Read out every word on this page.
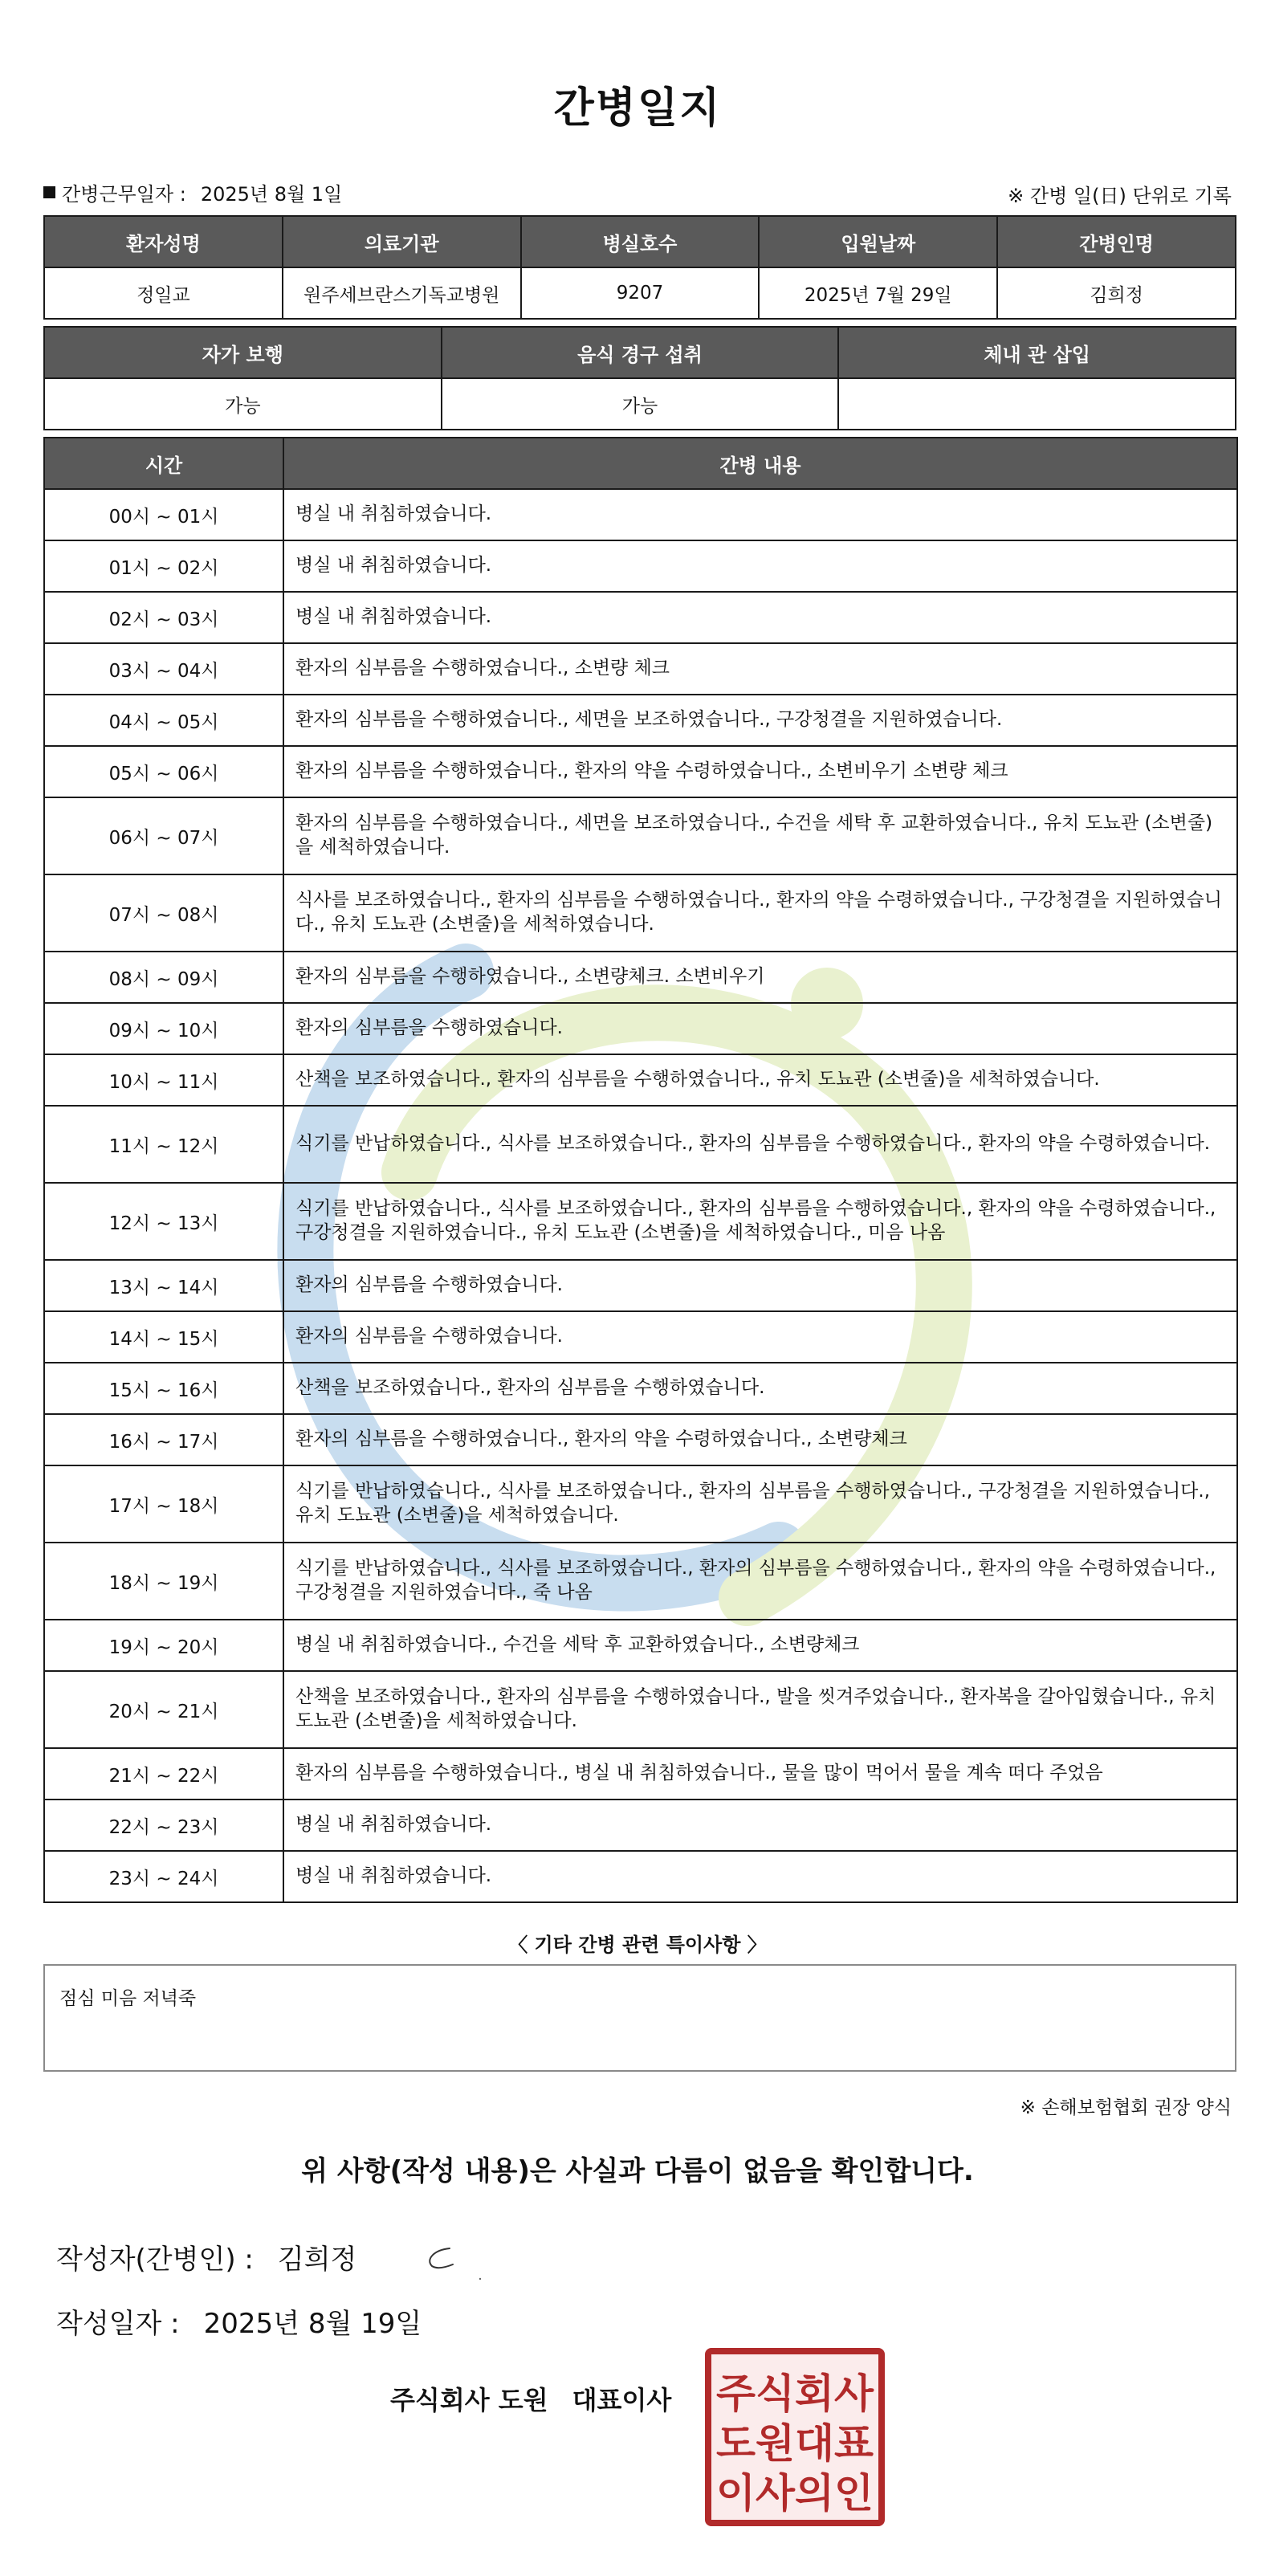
간병일지
간병근무일자 : 2025년 8월 1일	※ 간병 일(日) 단위로 기록
환자성명	의료기관	병실호수	입원날짜	간병인명
정일교	원주세브란스기독교병원	9207	2025년 7월 29일	김희정
자가 보행	음식 경구 섭취	체내 관 삽입
가능	가능	
시간	간병 내용
00시 ~ 01시	병실 내 취침하였습니다.
01시 ~ 02시	병실 내 취침하였습니다.
02시 ~ 03시	병실 내 취침하였습니다.
03시 ~ 04시	환자의 심부름을 수행하였습니다., 소변량 체크
04시 ~ 05시	환자의 심부름을 수행하였습니다., 세면을 보조하였습니다., 구강청결을 지원하였습니다.
05시 ~ 06시	환자의 심부름을 수행하였습니다., 환자의 약을 수령하였습니다., 소변비우기 소변량 체크
06시 ~ 07시	환자의 심부름을 수행하였습니다., 세면을 보조하였습니다., 수건을 세탁 후 교환하였습니다., 유치 도뇨관 (소변줄)을 세척하였습니다.
07시 ~ 08시	식사를 보조하였습니다., 환자의 심부름을 수행하였습니다., 환자의 약을 수령하였습니다., 구강청결을 지원하였습니다., 유치 도뇨관 (소변줄)을 세척하였습니다.
08시 ~ 09시	환자의 심부름을 수행하였습니다., 소변량체크. 소변비우기
09시 ~ 10시	환자의 심부름을 수행하였습니다.
10시 ~ 11시	산책을 보조하였습니다., 환자의 심부름을 수행하였습니다., 유치 도뇨관 (소변줄)을 세척하였습니다.
11시 ~ 12시	식기를 반납하였습니다., 식사를 보조하였습니다., 환자의 심부름을 수행하였습니다., 환자의 약을 수령하였습니다.
12시 ~ 13시	식기를 반납하였습니다., 식사를 보조하였습니다., 환자의 심부름을 수행하였습니다., 환자의 약을 수령하였습니다., 구강청결을 지원하였습니다., 유치 도뇨관 (소변줄)을 세척하였습니다., 미음 나옴
13시 ~ 14시	환자의 심부름을 수행하였습니다.
14시 ~ 15시	환자의 심부름을 수행하였습니다.
15시 ~ 16시	산책을 보조하였습니다., 환자의 심부름을 수행하였습니다.
16시 ~ 17시	환자의 심부름을 수행하였습니다., 환자의 약을 수령하였습니다., 소변량체크
17시 ~ 18시	식기를 반납하였습니다., 식사를 보조하였습니다., 환자의 심부름을 수행하였습니다., 구강청결을 지원하였습니다., 유치 도뇨관 (소변줄)을 세척하였습니다.
18시 ~ 19시	식기를 반납하였습니다., 식사를 보조하였습니다., 환자의 심부름을 수행하였습니다., 환자의 약을 수령하였습니다., 구강청결을 지원하였습니다., 죽 나옴
19시 ~ 20시	병실 내 취침하였습니다., 수건을 세탁 후 교환하였습니다., 소변량체크
20시 ~ 21시	산책을 보조하였습니다., 환자의 심부름을 수행하였습니다., 발을 씻겨주었습니다., 환자복을 갈아입혔습니다., 유치 도뇨관 (소변줄)을 세척하였습니다.
21시 ~ 22시	환자의 심부름을 수행하였습니다., 병실 내 취침하였습니다., 물을 많이 먹어서 물을 계속 떠다 주었음
22시 ~ 23시	병실 내 취침하였습니다.
23시 ~ 24시	병실 내 취침하였습니다.
〈 기타 간병 관련 특이사항 〉
점심 미음 저녁죽
※ 손해보험협회 권장 양식
위 사항(작성 내용)은 사실과 다름이 없음을 확인합니다.
작성자(간병인) : 김희정
작성일자 : 2025년 8월 19일
주식회사 도원 대표이사 주식회사
도원대표
이사의인
